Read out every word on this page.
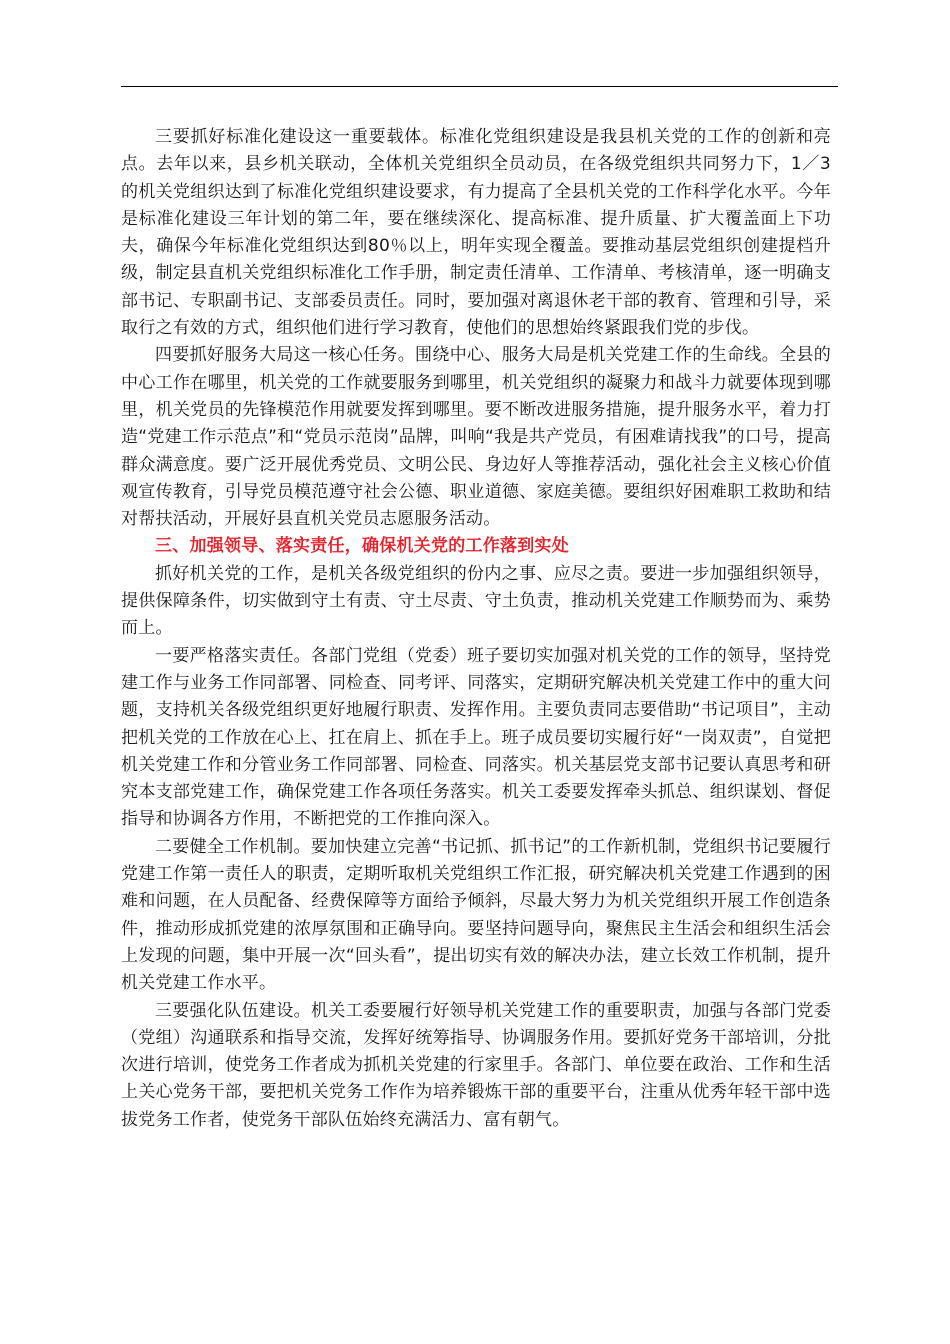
三要抓好标准化建设这一重要载体。标准化党组织建设是我县机关党的工作的创新和亮点。去年以来，县乡机关联动，全体机关党组织全员动员，在各级党组织共同努力下，1／3的机关党组织达到了标准化党组织建设要求，有力提高了全县机关党的工作科学化水平。今年是标准化建设三年计划的第二年，要在继续深化、提高标准、提升质量、扩大覆盖面上下功夫，确保今年标准化党组织达到80％以上，明年实现全覆盖。要推动基层党组织创建提档升级，制定县直机关党组织标准化工作手册，制定责任清单、工作清单、考核清单，逐一明确支部书记、专职副书记、支部委员责任。同时，要加强对离退休老干部的教育、管理和引导，采取行之有效的方式，组织他们进行学习教育，使他们的思想始终紧跟我们党的步伐。

四要抓好服务大局这一核心任务。围绕中心、服务大局是机关党建工作的生命线。全县的中心工作在哪里，机关党的工作就要服务到哪里，机关党组织的凝聚力和战斗力就要体现到哪里，机关党员的先锋模范作用就要发挥到哪里。要不断改进服务措施，提升服务水平，着力打造“党建工作示范点”和“党员示范岗”品牌，叫响“我是共产党员，有困难请找我”的口号，提高群众满意度。要广泛开展优秀党员、文明公民、身边好人等推荐活动，强化社会主义核心价值观宣传教育，引导党员模范遵守社会公德、职业道德、家庭美德。要组织好困难职工救助和结对帮扶活动，开展好县直机关党员志愿服务活动。

三、加强领导、落实责任，确保机关党的工作落到实处

抓好机关党的工作，是机关各级党组织的份内之事、应尽之责。要进一步加强组织领导，提供保障条件，切实做到守土有责、守土尽责、守土负责，推动机关党建工作顺势而为、乘势而上。

一要严格落实责任。各部门党组（党委）班子要切实加强对机关党的工作的领导，坚持党建工作与业务工作同部署、同检查、同考评、同落实，定期研究解决机关党建工作中的重大问题，支持机关各级党组织更好地履行职责、发挥作用。主要负责同志要借助“书记项目”，主动把机关党的工作放在心上、扛在肩上、抓在手上。班子成员要切实履行好“一岗双责”，自觉把机关党建工作和分管业务工作同部署、同检查、同落实。机关基层党支部书记要认真思考和研究本支部党建工作，确保党建工作各项任务落实。机关工委要发挥牵头抓总、组织谋划、督促指导和协调各方作用，不断把党的工作推向深入。

二要健全工作机制。要加快建立完善“书记抓、抓书记”的工作新机制，党组织书记要履行党建工作第一责任人的职责，定期听取机关党组织工作汇报，研究解决机关党建工作遇到的困难和问题，在人员配备、经费保障等方面给予倾斜，尽最大努力为机关党组织开展工作创造条件，推动形成抓党建的浓厚氛围和正确导向。要坚持问题导向，聚焦民主生活会和组织生活会上发现的问题，集中开展一次“回头看”，提出切实有效的解决办法，建立长效工作机制，提升机关党建工作水平。

三要强化队伍建设。机关工委要履行好领导机关党建工作的重要职责，加强与各部门党委（党组）沟通联系和指导交流，发挥好统筹指导、协调服务作用。要抓好党务干部培训，分批次进行培训，使党务工作者成为抓机关党建的行家里手。各部门、单位要在政治、工作和生活上关心党务干部，要把机关党务工作作为培养锻炼干部的重要平台，注重从优秀年轻干部中选拔党务工作者，使党务干部队伍始终充满活力、富有朝气。
